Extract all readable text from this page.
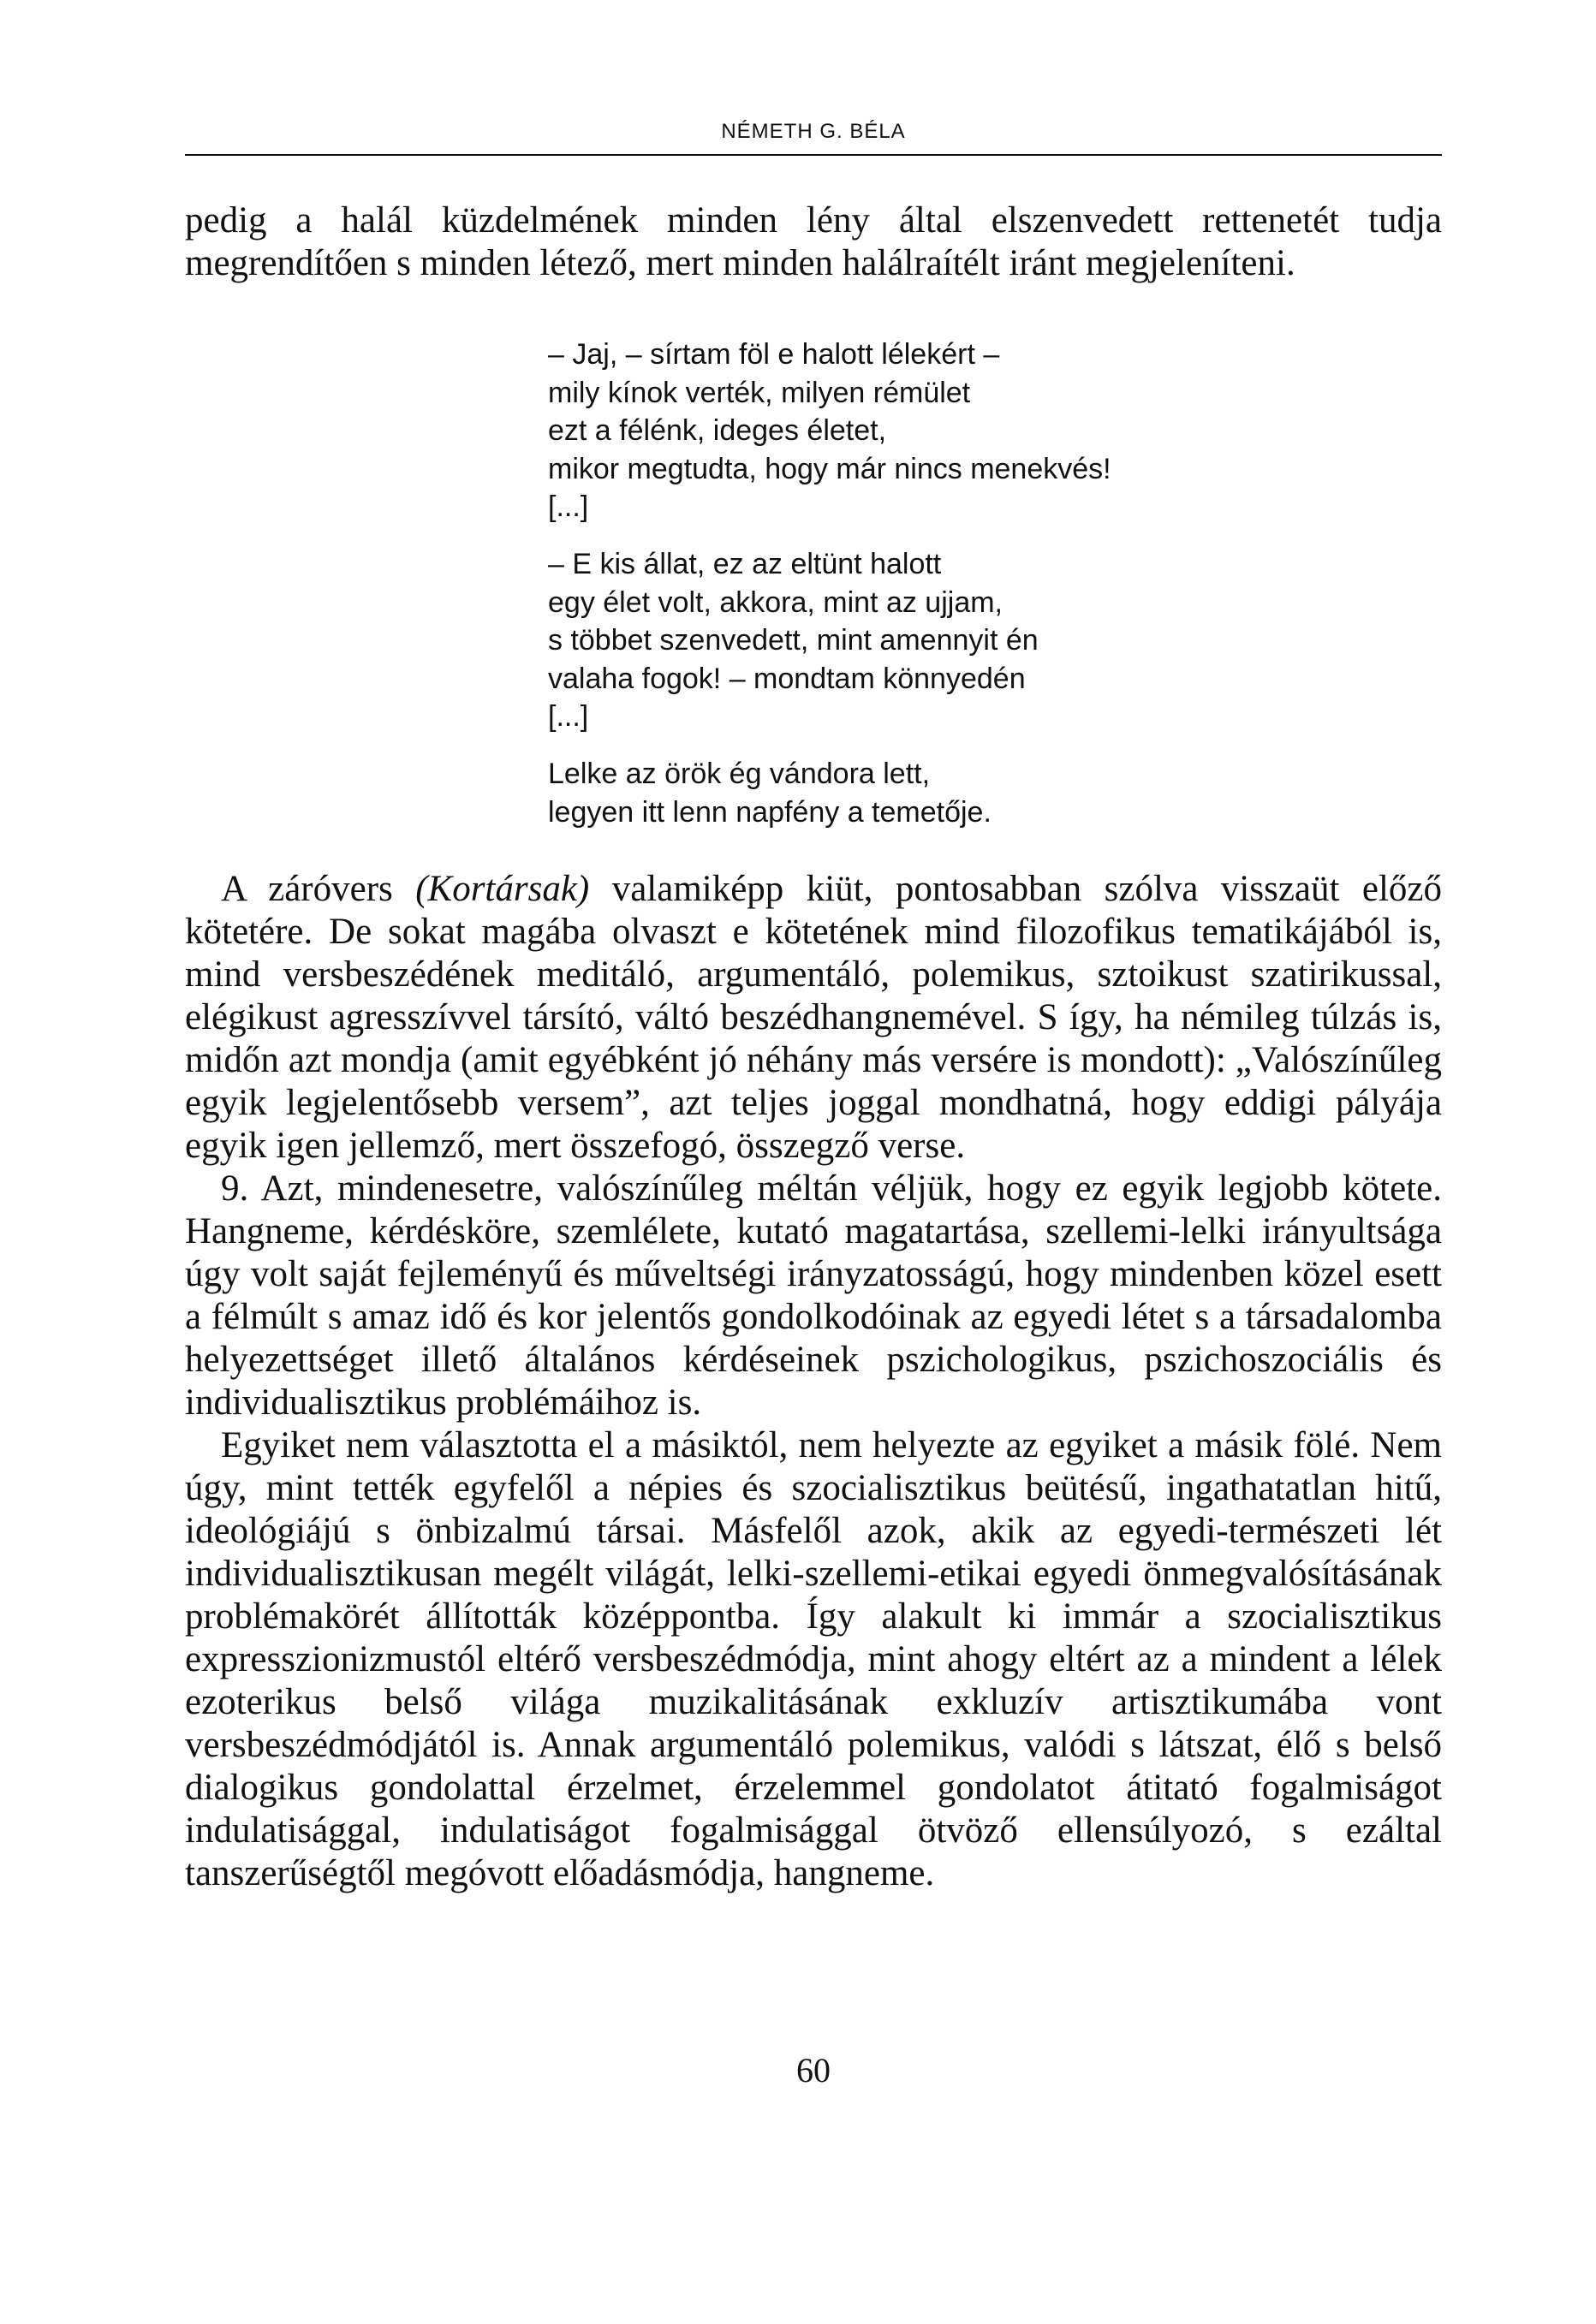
NÉMETH G. BÉLA

pedig a halál küzdelmének minden lény által elszenvedett rettenetét tudja megrendítően s minden létező, mert minden halálraítélt iránt megjeleníteni.

– Jaj, – sírtam föl e halott lélekért –
mily kínok verték, milyen rémület
ezt a félénk, ideges életet,
mikor megtudta, hogy már nincs menekvés!
[...]
– E kis állat, ez az eltünt halott
egy élet volt, akkora, mint az ujjam,
s többet szenvedett, mint amennyit én
valaha fogok! – mondtam könnyedén
[...]
Lelke az örök ég vándora lett,
legyen itt lenn napfény a temetője.

A záróvers (Kortársak) valamiképp kiüt, pontosabban szólva visszaüt előző kötetére. De sokat magába olvaszt e kötetének mind filozofikus tematikájából is, mind versbeszédének meditáló, argumentáló, polemikus, sztoikust szatirikussal, elégikust agresszívvel társító, váltó beszédhangnemével. S így, ha némileg túlzás is, midőn azt mondja (amit egyébként jó néhány más versére is mondott): „Valószínűleg egyik legjelentősebb versem”, azt teljes joggal mondhatná, hogy eddigi pályája egyik igen jellemző, mert összefogó, összegző verse.

9. Azt, mindenesetre, valószínűleg méltán véljük, hogy ez egyik legjobb kötete. Hangneme, kérdésköre, szemlélete, kutató magatartása, szellemi-lelki irányultsága úgy volt saját fejleményű és műveltségi irányzatosságú, hogy mindenben közel esett a félmúlt s amaz idő és kor jelentős gondolkodóinak az egyedi létet s a társadalomba helyezettséget illető általános kérdéseinek pszichologikus, pszichoszociális és individualisztikus problémáihoz is.

Egyiket nem választotta el a másiktól, nem helyezte az egyiket a másik fölé. Nem úgy, mint tették egyfelől a népies és szocialisztikus beütésű, ingathatatlan hitű, ideológiájú s önbizalmú társai. Másfelől azok, akik az egyedi-természeti lét individualisztikusan megélt világát, lelki-szellemi-etikai egyedi önmegvalósításának problémakörét állították középpontba. Így alakult ki immár a szocialisztikus expresszionizmustól eltérő versbeszédmódja, mint ahogy eltért az a mindent a lélek ezoterikus belső világa muzikalitásának exkluzív artisztikumába vont versbeszédmódjától is. Annak argumentáló polemikus, valódi s látszat, élő s belső dialogikus gondolattal érzelmet, érzelemmel gondolatot átitató fogalmiságot indulatisággal, indulatiságot fogalmisággal ötvöző ellensúlyozó, s ezáltal tanszerűségtől megóvott előadásmódja, hangneme.

60
